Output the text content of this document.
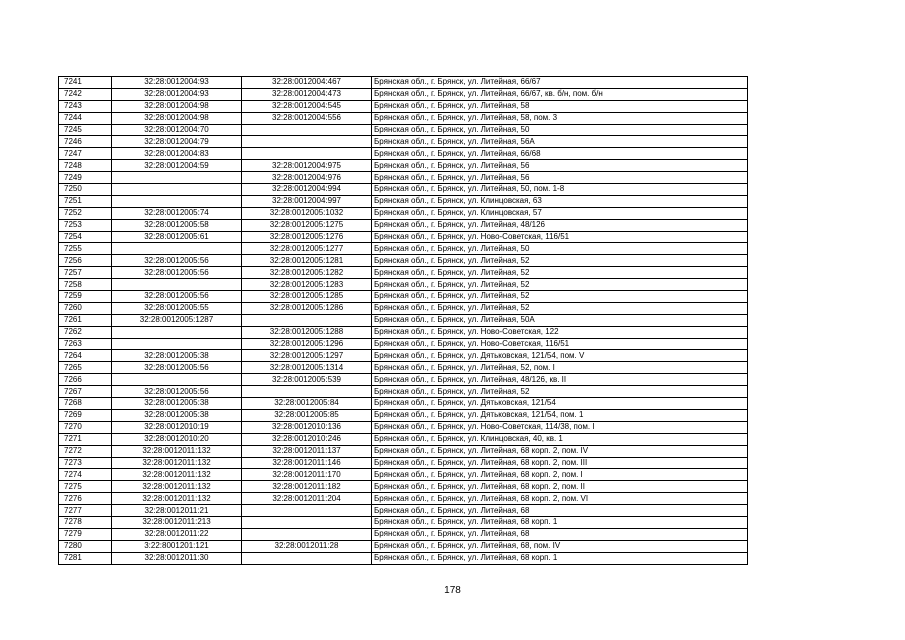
7241	32:28:0012004:93	32:28:0012004:467	Брянская обл., г. Брянск, ул. Литейная, 66/67
7242	32:28:0012004:93	32:28:0012004:473	Брянская обл., г. Брянск, ул. Литейная, 66/67, кв. б/н, пом. б/н
7243	32:28:0012004:98	32:28:0012004:545	Брянская обл., г. Брянск, ул. Литейная, 58
7244	32:28:0012004:98	32:28:0012004:556	Брянская обл., г. Брянск, ул. Литейная, 58, пом. 3
7245	32:28:0012004:70		Брянская обл., г. Брянск, ул. Литейная, 50
7246	32:28:0012004:79		Брянская обл., г. Брянск, ул. Литейная, 56А
7247	32:28:0012004:83		Брянская обл., г. Брянск, ул. Литейная, 66/68
7248	32:28:0012004:59	32:28:0012004:975	Брянская обл., г. Брянск, ул. Литейная, 56
7249		32:28:0012004:976	Брянская обл., г. Брянск, ул. Литейная, 56
7250		32:28:0012004:994	Брянская обл., г. Брянск, ул. Литейная, 50, пом. 1-8
7251		32:28:0012004:997	Брянская обл., г. Брянск, ул. Клинцовская, 63
7252	32:28:0012005:74	32:28:0012005:1032	Брянская обл., г. Брянск, ул. Клинцовская, 57
7253	32:28:0012005:58	32:28:0012005:1275	Брянская обл., г. Брянск, ул. Литейная, 48/126
7254	32:28:0012005:61	32:28:0012005:1276	Брянская обл., г. Брянск, ул. Ново-Советская, 116/51
7255		32:28:0012005:1277	Брянская обл., г. Брянск, ул. Литейная, 50
7256	32:28:0012005:56	32:28:0012005:1281	Брянская обл., г. Брянск, ул. Литейная, 52
7257	32:28:0012005:56	32:28:0012005:1282	Брянская обл., г. Брянск, ул. Литейная, 52
7258		32:28:0012005:1283	Брянская обл., г. Брянск, ул. Литейная, 52
7259	32:28:0012005:56	32:28:0012005:1285	Брянская обл., г. Брянск, ул. Литейная, 52
7260	32:28:0012005:55	32:28:0012005:1286	Брянская обл., г. Брянск, ул. Литейная, 52
7261	32:28:0012005:1287		Брянская обл., г. Брянск, ул. Литейная, 50А
7262		32:28:0012005:1288	Брянская обл., г. Брянск, ул. Ново-Советская, 122
7263		32:28:0012005:1296	Брянская обл., г. Брянск, ул. Ново-Советская, 116/51
7264	32:28:0012005:38	32:28:0012005:1297	Брянская обл., г. Брянск, ул. Дятьковская, 121/54, пом. V
7265	32:28:0012005:56	32:28:0012005:1314	Брянская обл., г. Брянск, ул. Литейная, 52, пом. I
7266		32:28:0012005:539	Брянская обл., г. Брянск, ул. Литейная, 48/126, кв. II
7267	32:28:0012005:56		Брянская обл., г. Брянск, ул. Литейная, 52
7268	32:28:0012005:38	32:28:0012005:84	Брянская обл., г. Брянск, ул. Дятьковская, 121/54
7269	32:28:0012005:38	32:28:0012005:85	Брянская обл., г. Брянск, ул. Дятьковская, 121/54, пом. 1
7270	32:28:0012010:19	32:28:0012010:136	Брянская обл., г. Брянск, ул. Ново-Советская, 114/38, пом. I
7271	32:28:0012010:20	32:28:0012010:246	Брянская обл., г. Брянск, ул. Клинцовская, 40, кв. 1
7272	32:28:0012011:132	32:28:0012011:137	Брянская обл., г. Брянск, ул. Литейная, 68 корп. 2, пом. IV
7273	32:28:0012011:132	32:28:0012011:146	Брянская обл., г. Брянск, ул. Литейная, 68 корп. 2, пом. III
7274	32:28:0012011:132	32:28:0012011:170	Брянская обл., г. Брянск, ул. Литейная, 68 корп. 2, пом. I
7275	32:28:0012011:132	32:28:0012011:182	Брянская обл., г. Брянск, ул. Литейная, 68 корп. 2, пом. II
7276	32:28:0012011:132	32:28:0012011:204	Брянская обл., г. Брянск, ул. Литейная, 68 корп. 2, пом. VI
7277	32:28:0012011:21		Брянская обл., г. Брянск, ул. Литейная, 68
7278	32:28:0012011:213		Брянская обл., г. Брянск, ул. Литейная, 68 корп. 1
7279	32:28:0012011:22		Брянская обл., г. Брянск, ул. Литейная, 68
7280	3:22:8001201:121	32:28:0012011:28	Брянская обл., г. Брянск, ул. Литейная, 68, пом. IV
7281	32:28:0012011:30		Брянская обл., г. Брянск, ул. Литейная, 68 корп. 1
178
